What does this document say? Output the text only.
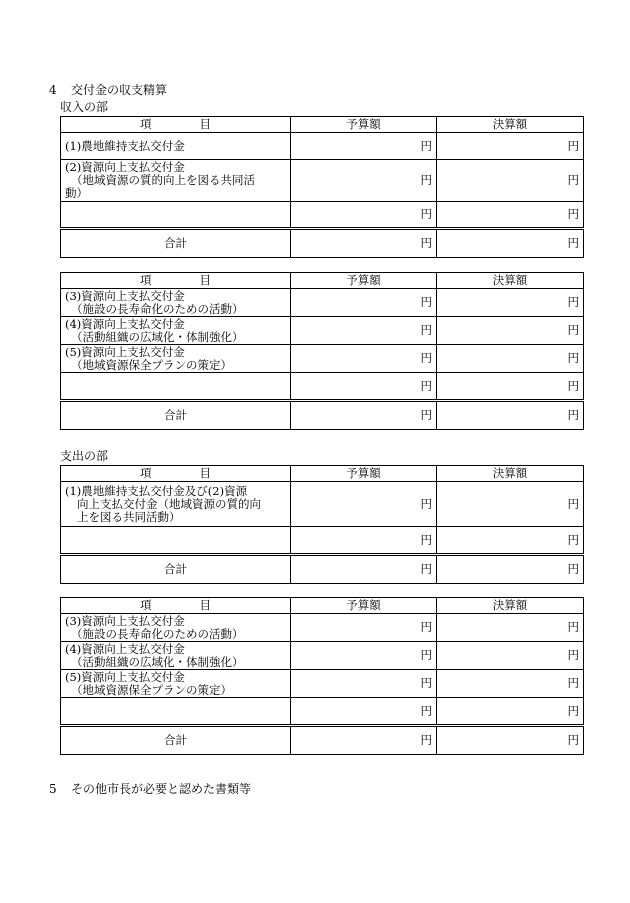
4 交付金の収支精算
収入の部
項 目	予算額	決算額

(1)農地維持支払交付金	円	円

(2)資源向上支払交付金
（地域資源の質的向上を図る共同活
動）	円	円
	円	円
合計	円	円
項 目	予算額	決算額

(3)資源向上支払交付金
（施設の長寿命化のための活動）	円	円

(4)資源向上支払交付金
（活動組織の広域化・体制強化）	円	円

(5)資源向上支払交付金
（地域資源保全プランの策定）	円	円
	円	円
合計	円	円
支出の部
項 目	予算額	決算額

(1)農地維持支払交付金及び(2)資源
向上支払交付金（地域資源の質的向
上を図る共同活動）	円	円
	円	円
合計	円	円
項 目	予算額	決算額

(3)資源向上支払交付金
（施設の長寿命化のための活動）	円	円

(4)資源向上支払交付金
（活動組織の広域化・体制強化）	円	円

(5)資源向上支払交付金
（地域資源保全プランの策定）	円	円
	円	円
合計	円	円
5 その他市長が必要と認めた書類等
